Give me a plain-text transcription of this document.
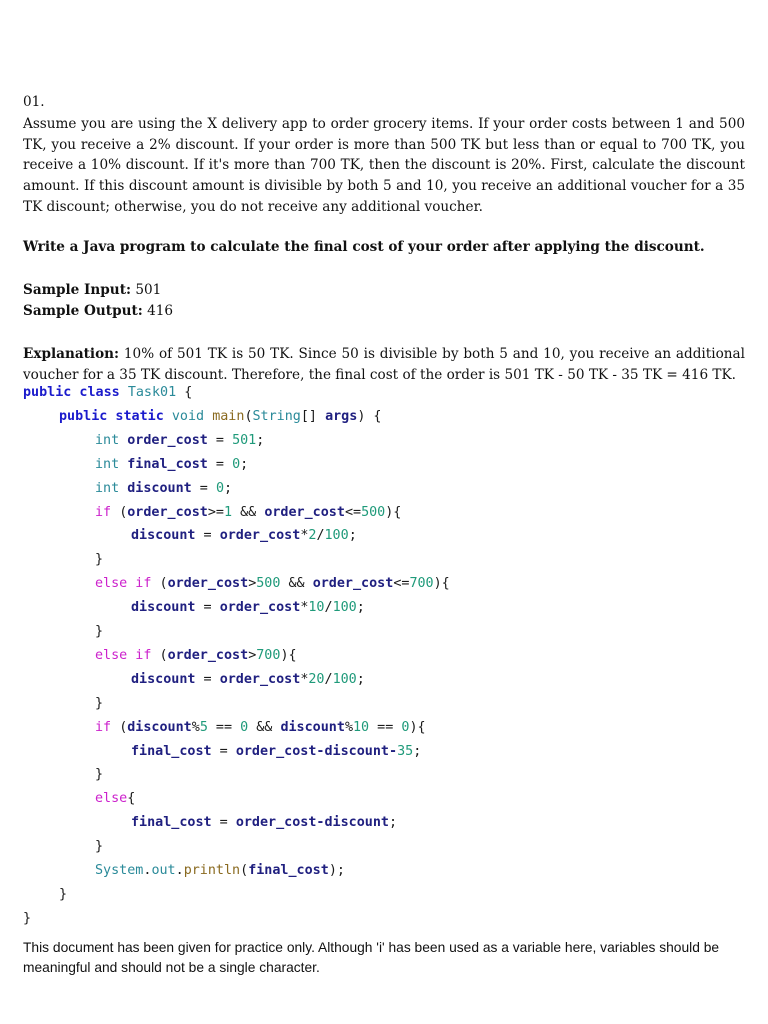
01.

Assume you are using the X delivery app to order grocery items. If your order costs between 1 and 500 TK, you receive a 2% discount. If your order is more than 500 TK but less than or equal to 700 TK, you receive a 10% discount. If it's more than 700 TK, then the discount is 20%. First, calculate the discount amount. If this discount amount is divisible by both 5 and 10, you receive an additional voucher for a 35 TK discount; otherwise, you do not receive any additional voucher.

Write a Java program to calculate the final cost of your order after applying the discount.
Sample Input: 501
Sample Output: 416

Explanation: 10% of 501 TK is 50 TK. Since 50 is divisible by both 5 and 10, you receive an additional voucher for a 35 TK discount. Therefore, the final cost of the order is 501 TK - 50 TK - 35 TK = 416 TK.

public class Task01 {
public static void main(String[] args) {
int order_cost = 501;
int final_cost = 0;
int discount = 0;
if (order_cost>=1 && order_cost<=500){
discount = order_cost*2/100;
}
else if (order_cost>500 && order_cost<=700){
discount = order_cost*10/100;
}
else if (order_cost>700){
discount = order_cost*20/100;
}
if (discount%5 == 0 && discount%10 == 0){
final_cost = order_cost-discount-35;
}
else{
final_cost = order_cost-discount;
}
System.out.println(final_cost);
}
}

This document has been given for practice only. Although 'i' has been used as a variable here, variables should be meaningful and should not be a single character.
